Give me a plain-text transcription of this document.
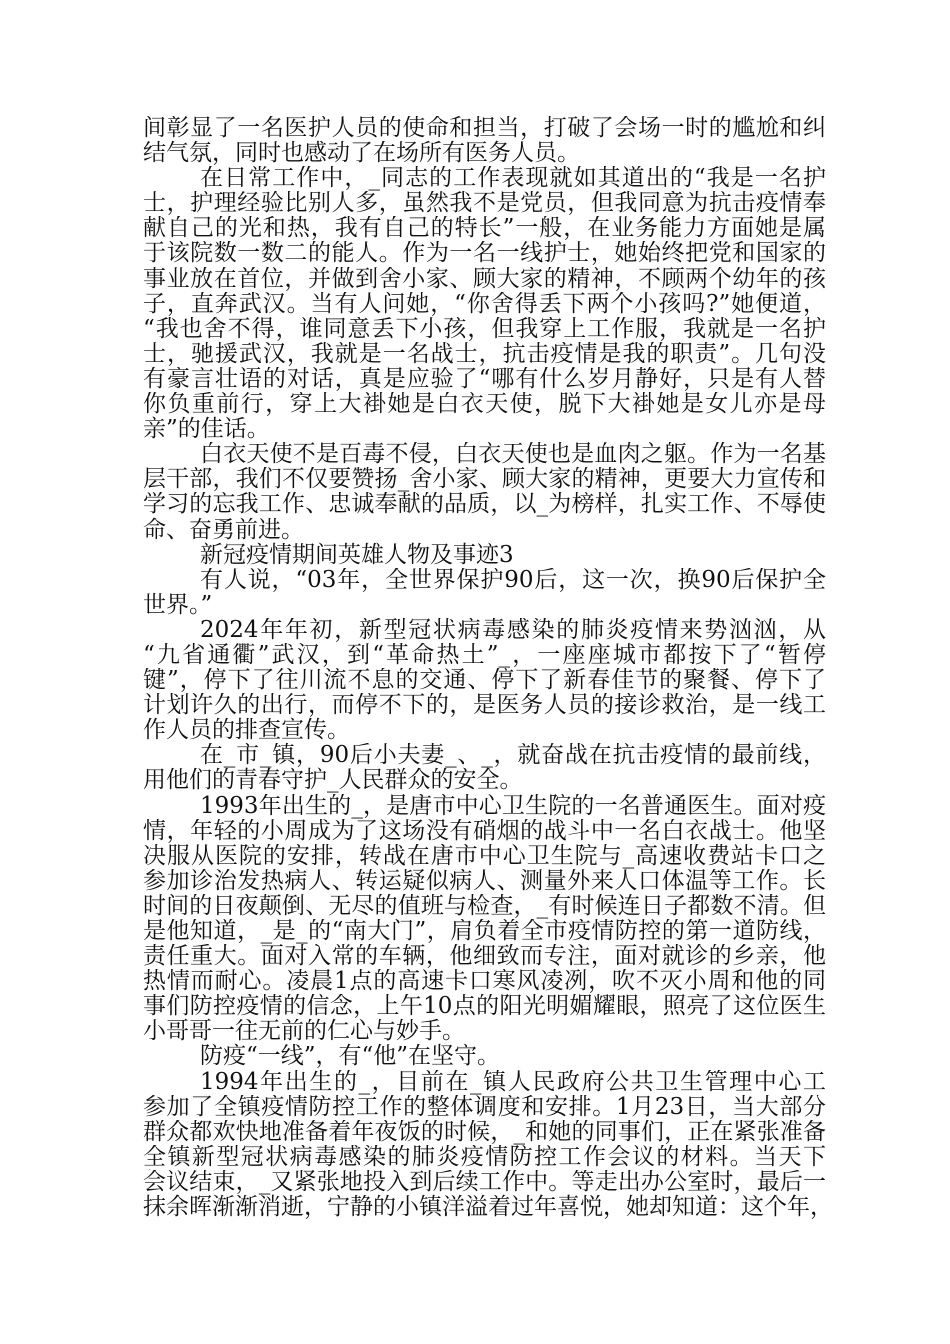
间彰显了一名医护人员的使命和担当，打破了会场一时的尴尬和纠
结气氛，同时也感动了在场所有医务人员。
在日常工作中，_同志的工作表现就如其道出的“我是一名护
士，护理经验比别人多，虽然我不是党员，但我同意为抗击疫情奉
献自己的光和热，我有自己的特长”一般，在业务能力方面她是属
于该院数一数二的能人。作为一名一线护士，她始终把党和国家的
事业放在首位，并做到舍小家、顾大家的精神，不顾两个幼年的孩
子，直奔武汉。当有人问她，“你舍得丢下两个小孩吗?”她便道，
“我也舍不得，谁同意丢下小孩，但我穿上工作服，我就是一名护
士，驰援武汉，我就是一名战士，抗击疫情是我的职责”。几句没
有豪言壮语的对话，真是应验了“哪有什么岁月静好，只是有人替
你负重前行，穿上大褂她是白衣天使，脱下大褂她是女儿亦是母
亲”的佳话。
白衣天使不是百毒不侵，白衣天使也是血肉之躯。作为一名基
层干部，我们不仅要赞扬_舍小家、顾大家的精神，更要大力宣传和
学习的忘我工作、忠诚奉献的品质，以_为榜样，扎实工作、不辱使
命、奋勇前进。
新冠疫情期间英雄人物及事迹3
有人说，“03年，全世界保护90后，这一次，换90后保护全
世界。”
2024年年初，新型冠状病毒感染的肺炎疫情来势汹汹，从
“九省通衢”武汉，到“革命热土”_，一座座城市都按下了“暂停
键”，停下了往川流不息的交通、停下了新春佳节的聚餐、停下了
计划许久的出行，而停不下的，是医务人员的接诊救治，是一线工
作人员的排查宣传。
在_市_镇，90后小夫妻_、_，就奋战在抗击疫情的最前线，
用他们的青春守护_人民群众的安全。
1993年出生的_，是唐市中心卫生院的一名普通医生。面对疫
情，年轻的小周成为了这场没有硝烟的战斗中一名白衣战士。他坚
决服从医院的安排，转战在唐市中心卫生院与_高速收费站卡口之
参加诊治发热病人、转运疑似病人、测量外来人口体温等工作。长
时间的日夜颠倒、无尽的值班与检查，_有时候连日子都数不清。但
是他知道，_是_的“南大门”，肩负着全市疫情防控的第一道防线，
责任重大。面对入常的车辆，他细致而专注，面对就诊的乡亲，他
热情而耐心。凌晨1点的高速卡口寒风凌冽，吹不灭小周和他的同
事们防控疫情的信念，上午10点的阳光明媚耀眼，照亮了这位医生
小哥哥一往无前的仁心与妙手。
防疫“一线”，有“他”在坚守。
1994年出生的_，目前在_镇人民政府公共卫生管理中心工
参加了全镇疫情防控工作的整体调度和安排。1月23日，当大部分
群众都欢快地准备着年夜饭的时候，_和她的同事们，正在紧张准备
全镇新型冠状病毒感染的肺炎疫情防控工作会议的材料。当天下
会议结束，_又紧张地投入到后续工作中。等走出办公室时，最后一
抹余晖渐渐消逝，宁静的小镇洋溢着过年喜悦，她却知道：这个年，
